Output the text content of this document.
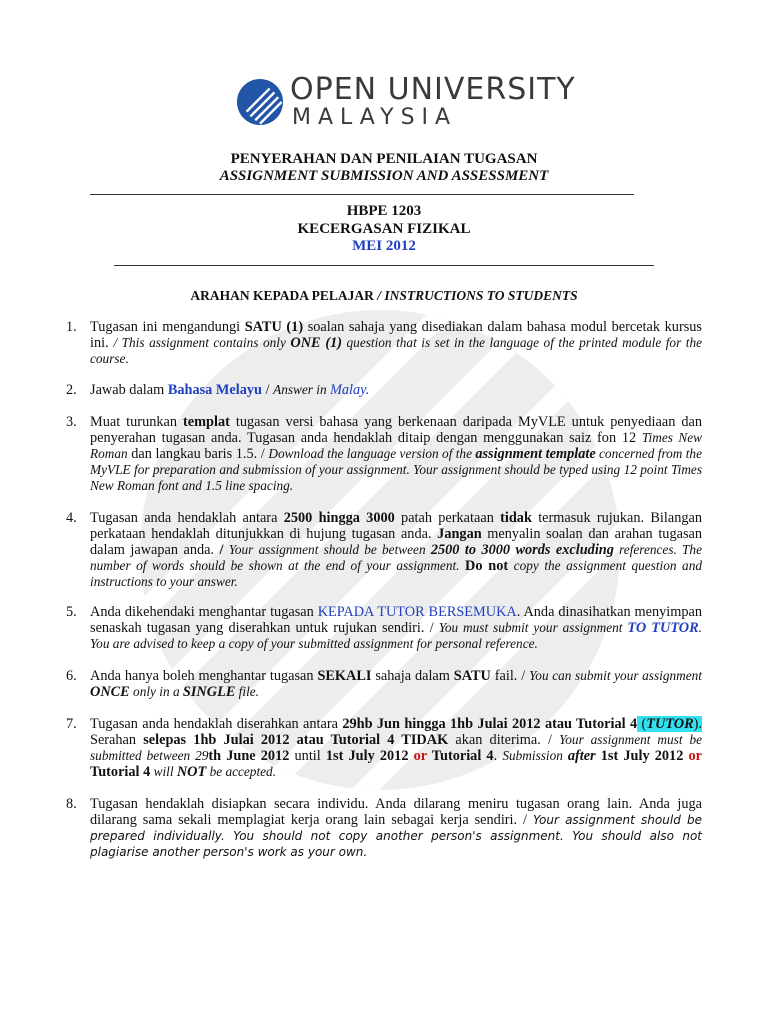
OPEN UNIVERSITY
MALAYSIA
PENYERAHAN DAN PENILAIAN TUGASAN
ASSIGNMENT SUBMISSION AND ASSESSMENT
HBPE 1203
KECERGASAN FIZIKAL
MEI 2012
ARAHAN KEPADA PELAJAR / INSTRUCTIONS TO STUDENTS
1. Tugasan ini mengandungi SATU (1) soalan sahaja yang disediakan dalam bahasa modul bercetak kursus ini. / This assignment contains only ONE (1) question that is set in the language of the printed module for the course.
2. Jawab dalam Bahasa Melayu / Answer in Malay.
3. Muat turunkan templat tugasan versi bahasa yang berkenaan daripada MyVLE untuk penyediaan dan penyerahan tugasan anda. Tugasan anda hendaklah ditaip dengan menggunakan saiz fon 12 Times New Roman dan langkau baris 1.5. / Download the language version of the assignment template concerned from the MyVLE for preparation and submission of your assignment. Your assignment should be typed using 12 point Times New Roman font and 1.5 line spacing.
4. Tugasan anda hendaklah antara 2500 hingga 3000 patah perkataan tidak termasuk rujukan. Bilangan perkataan hendaklah ditunjukkan di hujung tugasan anda. Jangan menyalin soalan dan arahan tugasan dalam jawapan anda. / Your assignment should be between 2500 to 3000 words excluding references. The number of words should be shown at the end of your assignment. Do not copy the assignment question and instructions to your answer.
5. Anda dikehendaki menghantar tugasan KEPADA TUTOR BERSEMUKA. Anda dinasihatkan menyimpan senaskah tugasan yang diserahkan untuk rujukan sendiri. / You must submit your assignment TO TUTOR. You are advised to keep a copy of your submitted assignment for personal reference.
6. Anda hanya boleh menghantar tugasan SEKALI sahaja dalam SATU fail. / You can submit your assignment ONCE only in a SINGLE file.
7. Tugasan anda hendaklah diserahkan antara 29hb Jun hingga 1hb Julai 2012 atau Tutorial 4 (TUTOR). Serahan selepas 1hb Julai 2012 atau Tutorial 4 TIDAK akan diterima. / Your assignment must be submitted between 29th June 2012 until 1st July 2012 or Tutorial 4. Submission after 1st July 2012 or Tutorial 4 will NOT be accepted.
8. Tugasan hendaklah disiapkan secara individu. Anda dilarang meniru tugasan orang lain. Anda juga dilarang sama sekali memplagiat kerja orang lain sebagai kerja sendiri. / Your assignment should be prepared individually. You should not copy another person's assignment. You should also not plagiarise another person's work as your own.
